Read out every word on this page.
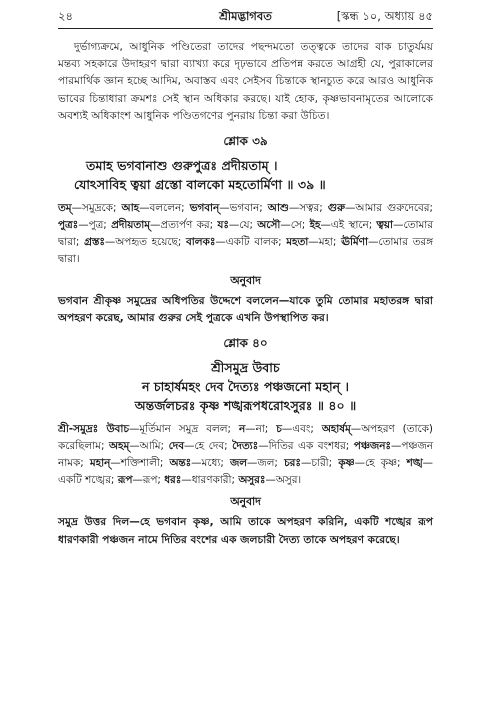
২৪	শ্রীমদ্ভাগবত	[স্কন্ধ ১০, অধ্যায় ৪৫

দুর্ভাগ্যক্রমে, আধুনিক পণ্ডিতেরা তাদের পছন্দমতো তত্ত্বকে তাদের বাক চাতুর্যময় মন্তব্য সহকারে উদাহরণ দ্বারা ব্যাখ্যা করে দৃঢ়ভাবে প্রতিপন্ন করতে আগ্রহী যে, পুরাকালের পারমার্থিক জ্ঞান হচ্ছে আদিম, অবাস্তব এবং সেইসব চিন্তাকে স্থানচ্যুত করে আরও আধুনিক ভাবের চিন্তাধারা ক্রমশঃ সেই স্থান অধিকার করছে। যাই হোক, কৃষ্ণভাবনামৃতের আলোকে অবশ্যই অধিকাংশ আধুনিক পণ্ডিতগণের পুনরায় চিন্তা করা উচিত।

শ্লোক ৩৯
তমাহ ভগবানাশু গুরুপুত্রঃ প্রদীয়তাম্ ।
যোঽসাবিহ ত্বয়া গ্রস্তো বালকো মহতোর্মিণা ॥ ৩৯ ॥
তম্—সমুদ্রকে; আহ—বললেন; ভগবান্—ভগবান; আশু—সত্বর; গুরু—আমার গুরুদেবের; পুত্রঃ—পুত্র; প্রদীয়তাম্—প্রত্যর্পণ কর; যঃ—যে; অসৌ—সে; ইহ—এই স্থানে; ত্বয়া—তোমার দ্বারা; গ্রস্তঃ—অপহৃত হয়েছে; বালকঃ—একটি বালক; মহতা—মহা; ঊর্মিণা—তোমার তরঙ্গ দ্বারা।
অনুবাদ

ভগবান শ্রীকৃষ্ণ সমুদ্রের অধিপতির উদ্দেশে বললেন—যাকে তুমি তোমার মহাতরঙ্গ দ্বারা অপহরণ করেছ, আমার গুরুর সেই পুত্রকে এখনি উপস্থাপিত কর।

শ্লোক ৪০
শ্রীসমুদ্র উবাচ
ন চাহার্ষমহং দেব দৈত্যঃ পঞ্চজনো মহান্ ।
অন্তর্জলচরঃ কৃষ্ণ শঙ্খরূপধরোঽসুরঃ ॥ ৪০ ॥
শ্রী-সমুদ্রঃ উবাচ—মূর্তিমান সমুদ্র বলল; ন—না; চ—এবং; অহার্ষম্—অপহরণ (তাকে) করেছিলাম; অহম্—আমি; দেব—হে দেব; দৈত্যঃ—দিতির এক বংশধর; পঞ্চজনঃ—পঞ্চজন নামক; মহান্—শক্তিশালী; অন্তঃ—মধ্যে; জল—জল; চরঃ—চারী; কৃষ্ণ—হে কৃষ্ণ; শঙ্খ—একটি শঙ্খের; রূপ—রূপ; ধরঃ—ধারণকারী; অসুরঃ—অসুর।
অনুবাদ

সমুদ্র উত্তর দিল—হে ভগবান কৃষ্ণ, আমি তাকে অপহরণ করিনি, একটি শঙ্খের রূপ ধারণকারী পঞ্চজন নামে দিতির বংশের এক জলচারী দৈত্য তাকে অপহরণ করেছে।
